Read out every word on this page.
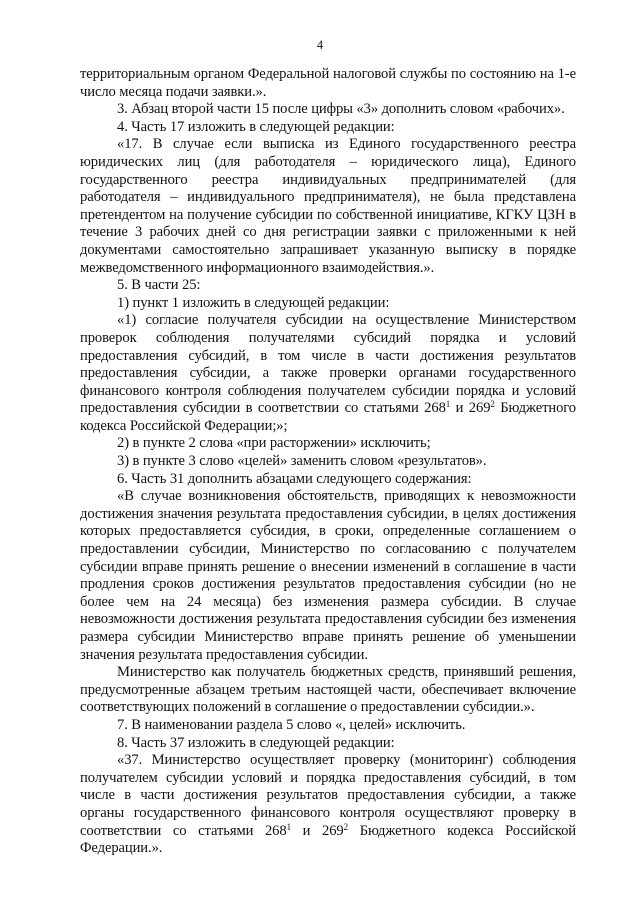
4

территориальным органом Федеральной налоговой службы по состоянию на 1-е число месяца подачи заявки.».

3. Абзац второй части 15 после цифры «3» дополнить словом «рабочих».

4. Часть 17 изложить в следующей редакции:

«17. В случае если выписка из Единого государственного реестра юридических лиц (для работодателя – юридического лица), Единого государственного реестра индивидуальных предпринимателей (для работодателя – индивидуального предпринимателя), не была представлена претендентом на получение субсидии по собственной инициативе, КГКУ ЦЗН в течение 3 рабочих дней со дня регистрации заявки с приложенными к ней документами самостоятельно запрашивает указанную выписку в порядке межведомственного информационного взаимодействия.».

5. В части 25:

1) пункт 1 изложить в следующей редакции:

«1) согласие получателя субсидии на осуществление Министерством проверок соблюдения получателями субсидий порядка и условий предоставления субсидий, в том числе в части достижения результатов предоставления субсидии, а также проверки органами государственного финансового контроля соблюдения получателем субсидии порядка и условий предоставления субсидии в соответствии со статьями $268^1$ и $269^2$ Бюджетного кодекса Российской Федерации;»;

2) в пункте 2 слова «при расторжении» исключить;

3) в пункте 3 слово «целей» заменить словом «результатов».

6. Часть 31 дополнить абзацами следующего содержания:

«В случае возникновения обстоятельств, приводящих к невозможности достижения значения результата предоставления субсидии, в целях достижения которых предоставляется субсидия, в сроки, определенные соглашением о предоставлении субсидии, Министерство по согласованию с получателем субсидии вправе принять решение о внесении изменений в соглашение в части продления сроков достижения результатов предоставления субсидии (но не более чем на 24 месяца) без изменения размера субсидии. В случае невозможности достижения результата предоставления субсидии без изменения размера субсидии Министерство вправе принять решение об уменьшении значения результата предоставления субсидии.

Министерство как получатель бюджетных средств, принявший решения, предусмотренные абзацем третьим настоящей части, обеспечивает включение соответствующих положений в соглашение о предоставлении субсидии.».

7. В наименовании раздела 5 слово «, целей» исключить.

8. Часть 37 изложить в следующей редакции:

«37. Министерство осуществляет проверку (мониторинг) соблюдения получателем субсидии условий и порядка предоставления субсидий, в том числе в части достижения результатов предоставления субсидии, а также органы государственного финансового контроля осуществляют проверку в соответствии со статьями $268^1$ и $269^2$ Бюджетного кодекса Российской Федерации.».
